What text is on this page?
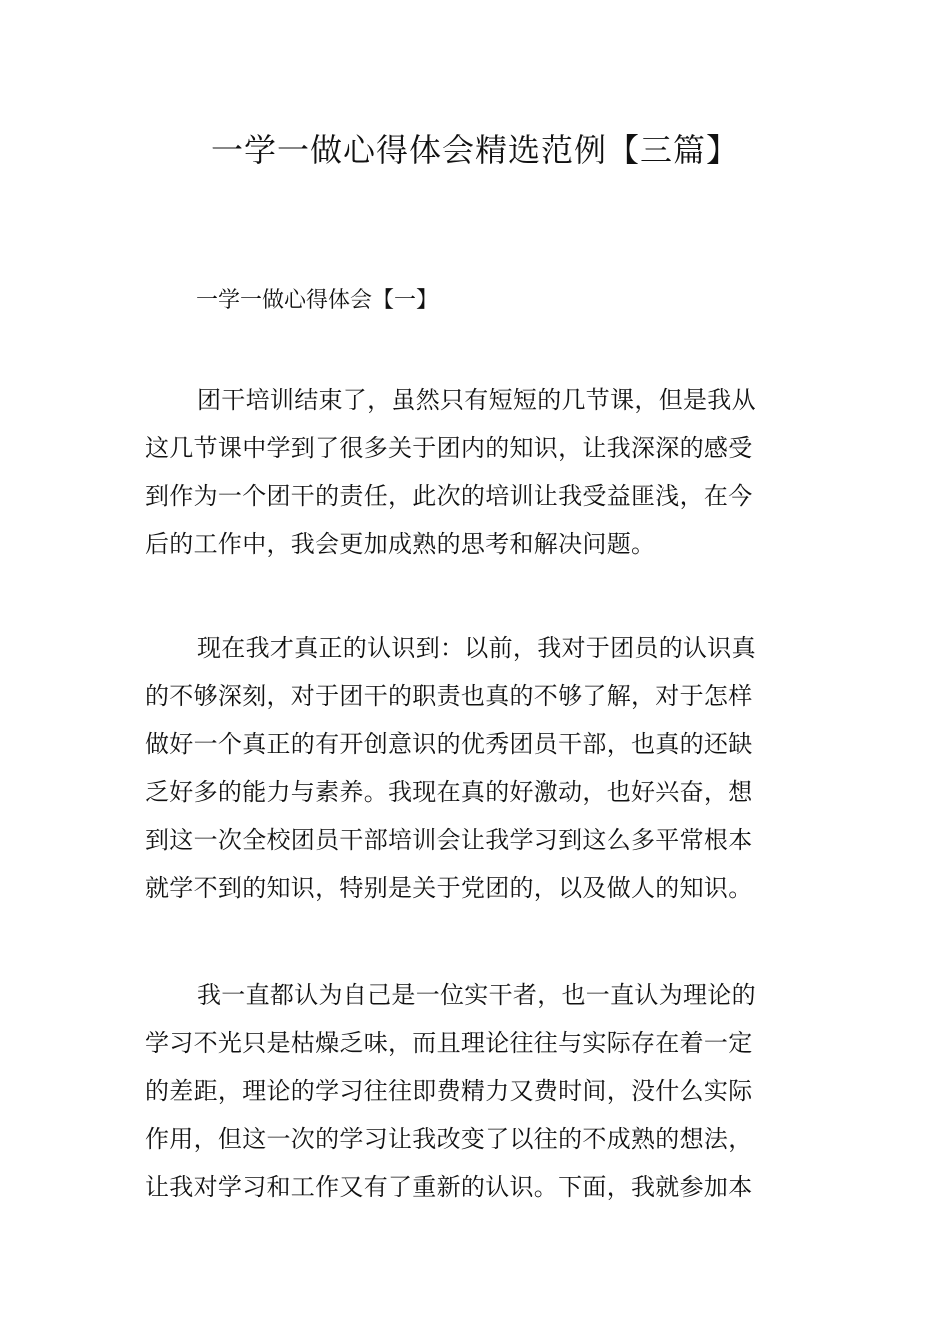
一学一做心得体会精选范例【三篇】

一学一做心得体会【一】

团干培训结束了，虽然只有短短的几节课，但是我从
这几节课中学到了很多关于团内的知识，让我深深的感受
到作为一个团干的责任，此次的培训让我受益匪浅，在今
后的工作中，我会更加成熟的思考和解决问题。
现在我才真正的认识到：以前，我对于团员的认识真
的不够深刻，对于团干的职责也真的不够了解，对于怎样
做好一个真正的有开创意识的优秀团员干部，也真的还缺
乏好多的能力与素养。我现在真的好激动，也好兴奋，想
到这一次全校团员干部培训会让我学习到这么多平常根本
就学不到的知识，特别是关于党团的，以及做人的知识。
我一直都认为自己是一位实干者，也一直认为理论的
学习不光只是枯燥乏味，而且理论往往与实际存在着一定
的差距，理论的学习往往即费精力又费时间，没什么实际
作用，但这一次的学习让我改变了以往的不成熟的想法，
让我对学习和工作又有了重新的认识。下面，我就参加本
